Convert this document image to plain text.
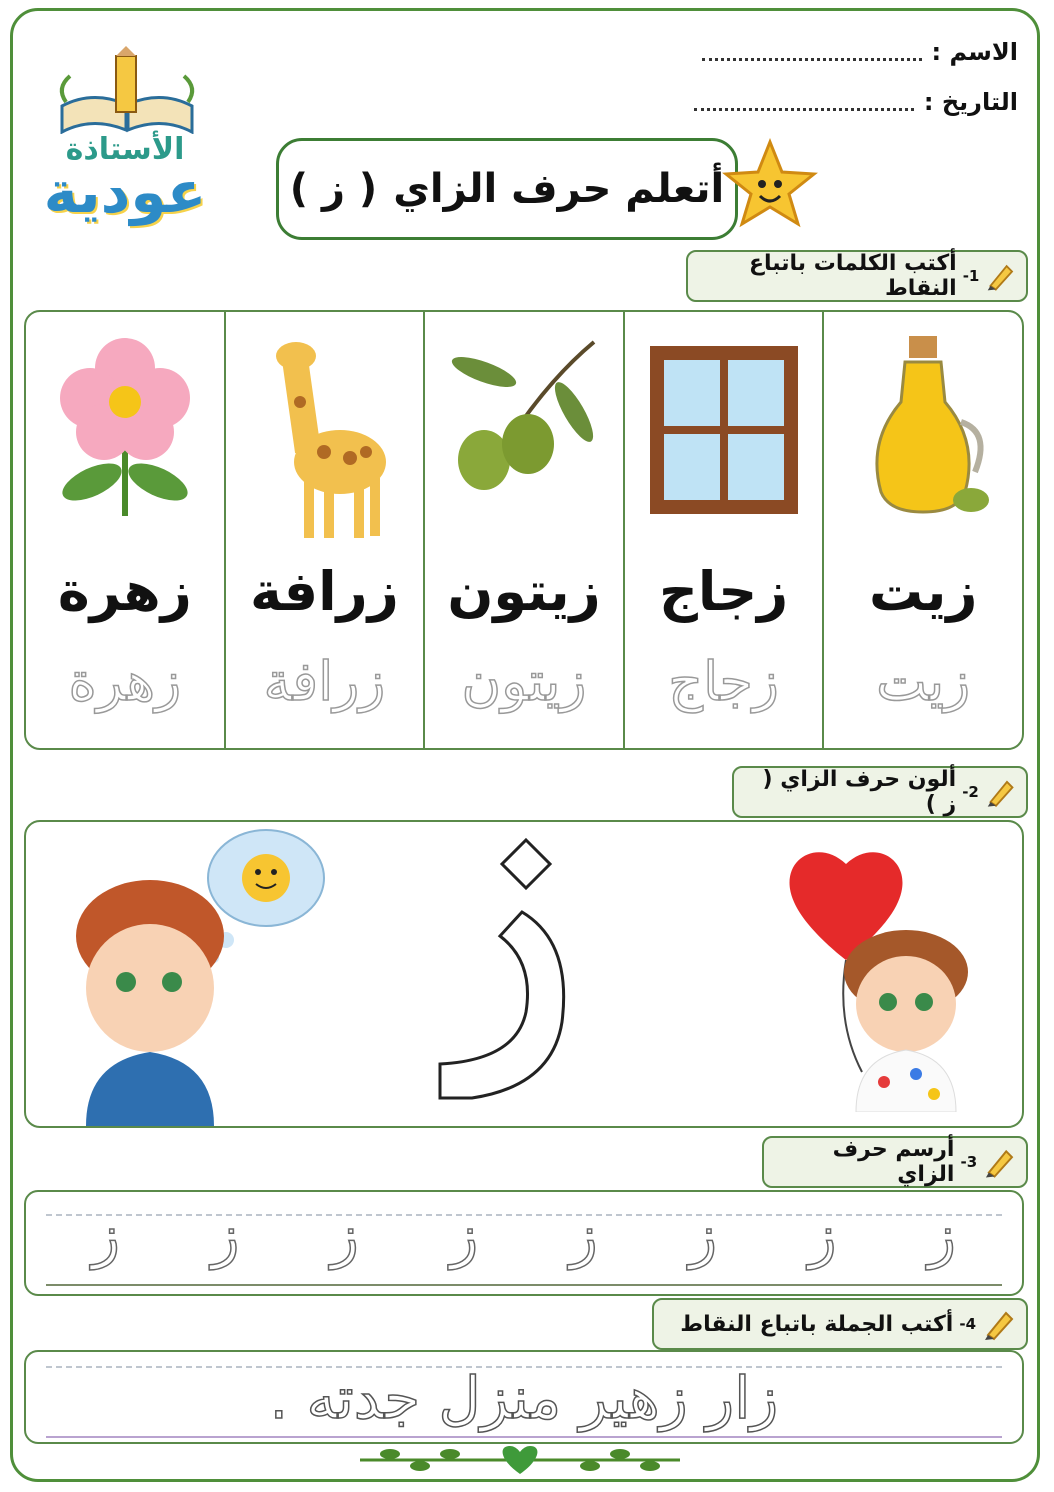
الاسم :
التاريخ :
الأستاذة
عودية	أتعلم حرف الزاي
( ز )
1-
أكتب الكلمات باتباع النقاط
زيت
زيت
زجاج
زجاج
زيتون
زيتون
زرافة
زرافة
زهرة
زهرة
2-
ألون حرف الزاي ( ز )
3-
أرسم حرف الزاي
ز
ز
ز
ز
ز
ز
ز
ز
4-
أكتب الجملة باتباع النقاط
زار زهير منزل جدته .
